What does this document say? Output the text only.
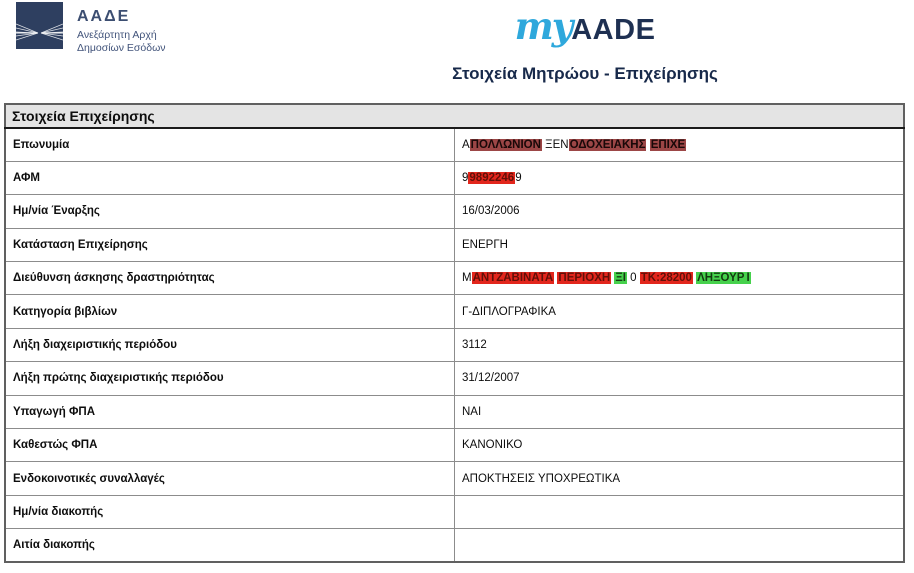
ΑΑΔΕ
Ανεξάρτητη Αρχή
Δημοσίων Εσόδων	myAADE
Στοιχεία Μητρώου - Επιχείρησης
Στοιχεία Επιχείρησης	
Επωνυμία	ΑΠΟΛΛΩΝΙΟΝ ΞΕΝΟΔΟΧΕΙΑΚΗΣ ΕΠΙΧΕ
ΑΦΜ	998922469
Ημ/νία Έναρξης	16/03/2006
Κατάσταση Επιχείρησης	ΕΝΕΡΓΗ
Διεύθυνση άσκησης δραστηριότητας	ΜΑΝΤΖΑΒΙΝΑΤΑ ΠΕΡΙΟΧΗ ΞΙ 0 ΤΚ:28200 ΛΗΞΟΥΡ Ι
Κατηγορία βιβλίων	Γ-ΔΙΠΛΟΓΡΑΦΙΚΑ
Λήξη διαχειριστικής περιόδου	3112
Λήξη πρώτης διαχειριστικής περιόδου	31/12/2007
Υπαγωγή ΦΠΑ	ΝΑΙ
Καθεστώς ΦΠΑ	ΚΑΝΟΝΙΚΟ
Ενδοκοινοτικές συναλλαγές	ΑΠΟΚΤΗΣΕΙΣ ΥΠΟΧΡΕΩΤΙΚΑ
Ημ/νία διακοπής	
Αιτία διακοπής	
